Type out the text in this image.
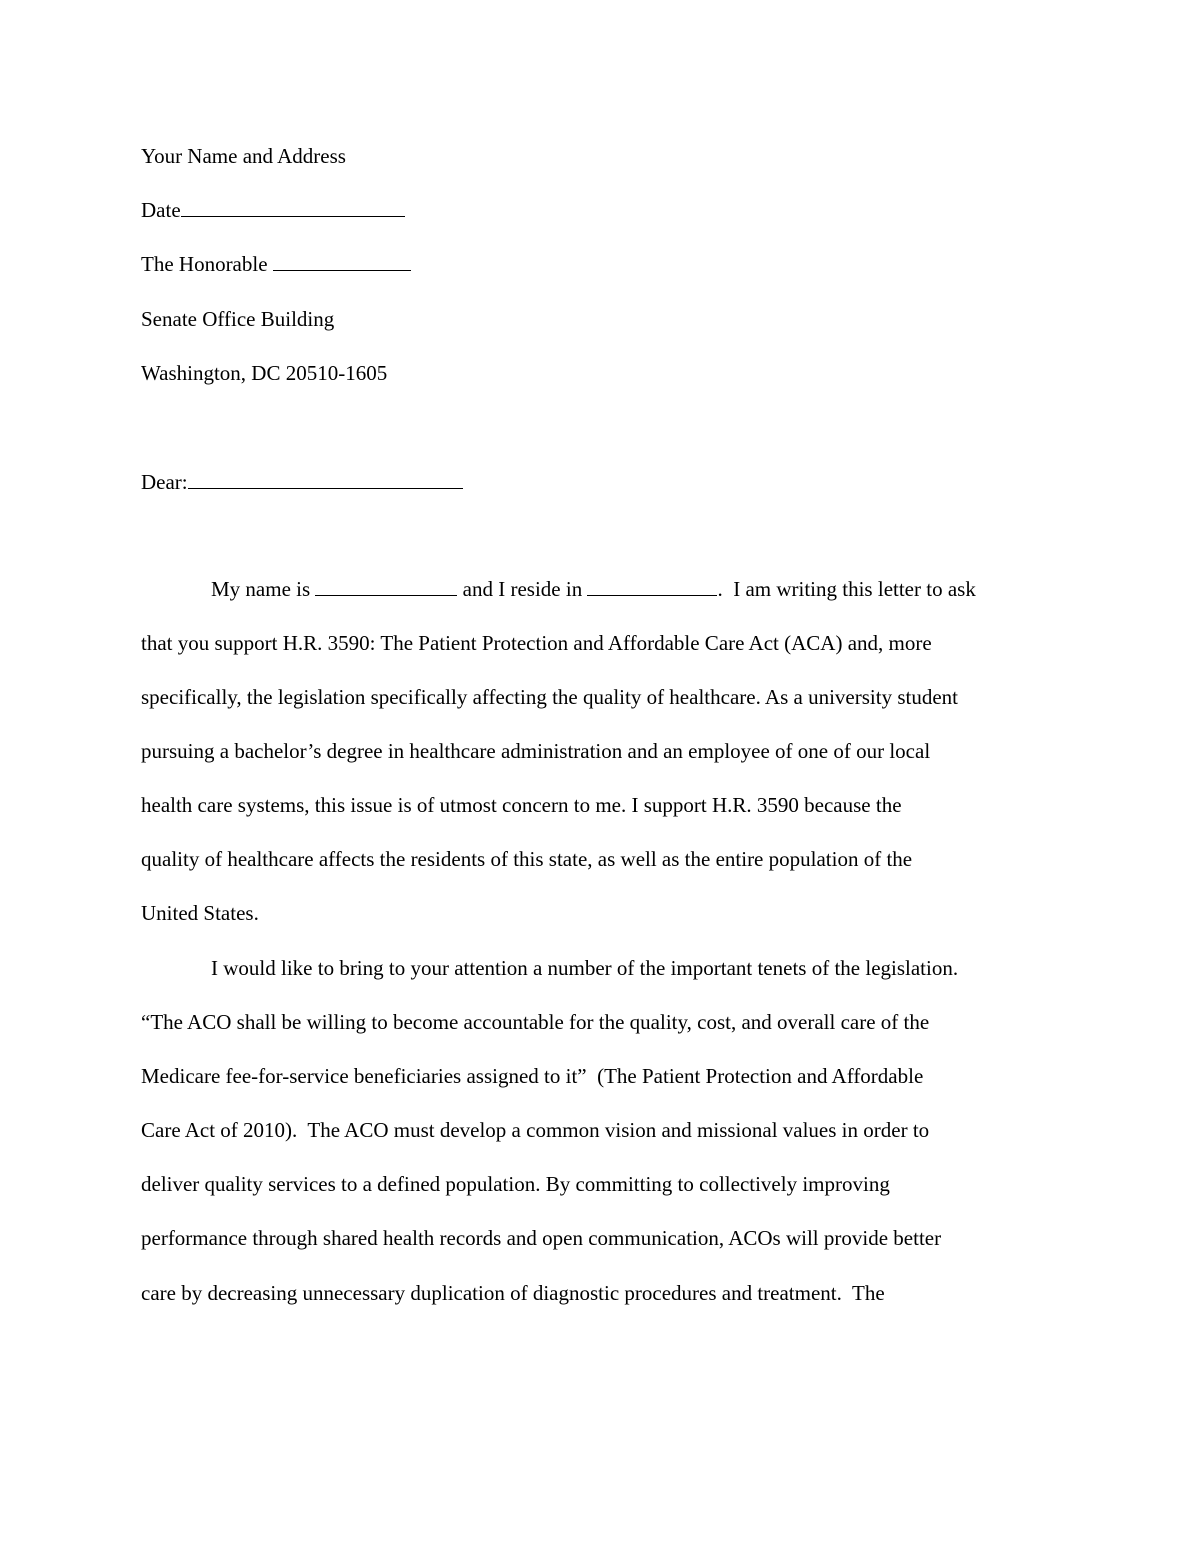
Your Name and Address
Date
The Honorable
Senate Office Building
Washington, DC 20510-1605
Dear:
My name is	and I reside in	.  I am writing this letter to ask
that you support H.R. 3590: The Patient Protection and Affordable Care Act (ACA) and, more
specifically, the legislation specifically affecting the quality of healthcare. As a university student
pursuing a bachelor’s degree in healthcare administration and an employee of one of our local
health care systems, this issue is of utmost concern to me. I support H.R. 3590 because the
quality of healthcare affects the residents of this state, as well as the entire population of the
United States.
I would like to bring to your attention a number of the important tenets of the legislation.
“The ACO shall be willing to become accountable for the quality, cost, and overall care of the
Medicare fee-for-service beneficiaries assigned to it”  (The Patient Protection and Affordable
Care Act of 2010).  The ACO must develop a common vision and missional values in order to
deliver quality services to a defined population. By committing to collectively improving
performance through shared health records and open communication, ACOs will provide better
care by decreasing unnecessary duplication of diagnostic procedures and treatment.  The
